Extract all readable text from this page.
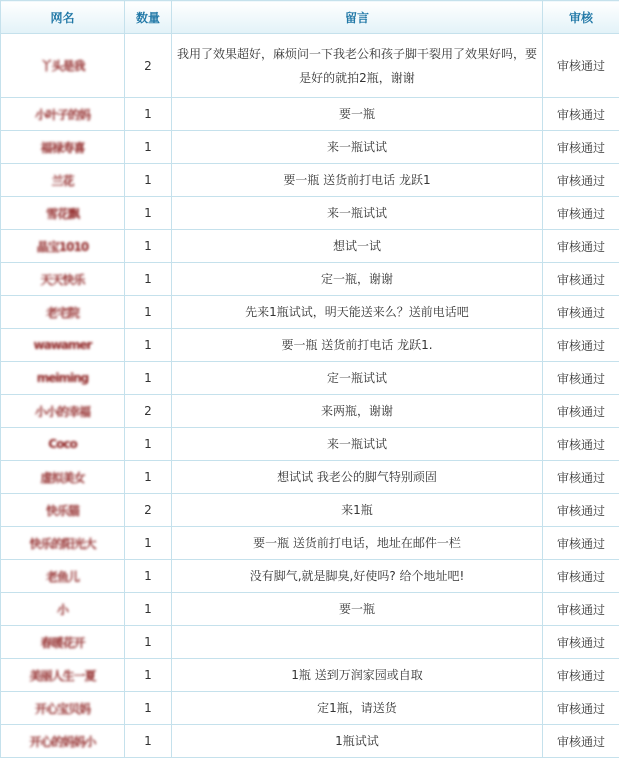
网名	数量	留言	审核
丫头是我	2	我用了效果超好，麻烦问一下我老公和孩子脚干裂用了效果好吗，要是好的就拍2瓶，谢谢	审核通过
小叶子的妈	1	要一瓶	审核通过
福禄寿喜	1	来一瓶试试	审核通过
兰花	1	要一瓶 送货前打电话 龙跃1	审核通过
雪花飘	1	来一瓶试试	审核通过
晶宝1010	1	想试一试	审核通过
天天快乐	1	定一瓶，谢谢	审核通过
老宅院	1	先来1瓶试试，明天能送来么？送前电话吧	审核通过
wawamer	1	要一瓶 送货前打电话 龙跃1.	审核通过
meiming	1	定一瓶试试	审核通过
小小的幸福	2	来两瓶，谢谢	审核通过
Coco	1	来一瓶试试	审核通过
虚拟美女	1	想试试 我老公的脚气特别顽固	审核通过
快乐猫	2	来1瓶	审核通过
快乐的阳光大	1	要一瓶 送货前打电话，地址在邮件一栏	审核通过
老鱼儿	1	没有脚气,就是脚臭,好使吗? 给个地址吧!	审核通过
小	1	要一瓶	审核通过
春暖花开	1		审核通过
美丽人生一夏	1	1瓶 送到万润家园或自取	审核通过
开心宝贝妈	1	定1瓶，请送货	审核通过
开心的妈妈小	1	1瓶试试	审核通过
